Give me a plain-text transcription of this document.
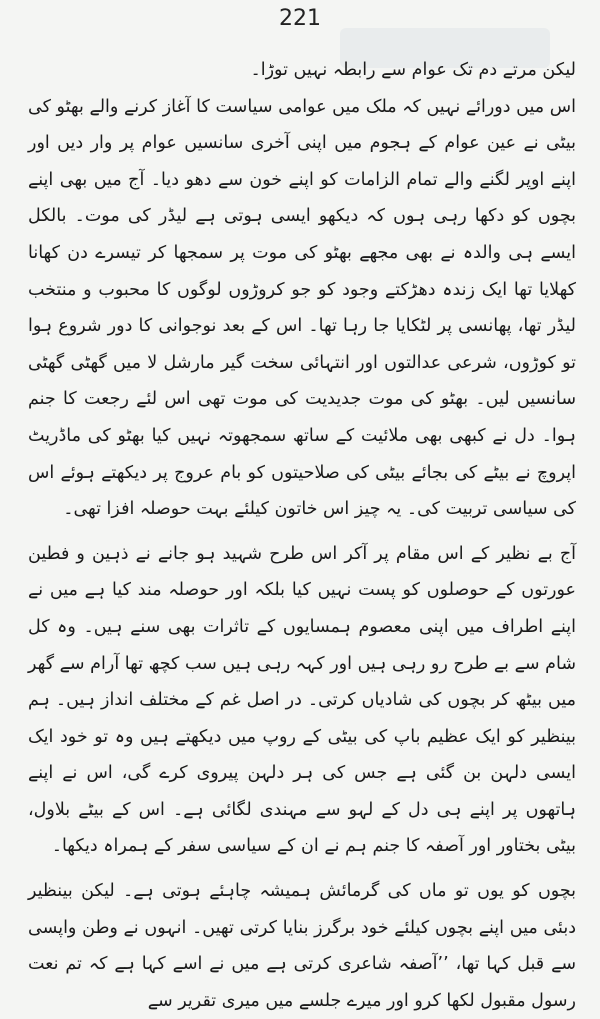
221

لیکن مرتے دم تک عوام سے رابطہ نہیں توڑا۔

اس میں دورائے نہیں کہ ملک میں عوامی سیاست کا آغاز کرنے والے بھٹو کی بیٹی نے عین عوام کے ہجوم میں اپنی آخری سانسیں عوام پر وار دیں اور اپنے اوپر لگنے والے تمام الزامات کو اپنے خون سے دھو دیا۔ آج میں بھی اپنے بچوں کو دکھا رہی ہوں کہ دیکھو ایسی ہوتی ہے لیڈر کی موت۔ بالکل ایسے ہی والدہ نے بھی مجھے بھٹو کی موت پر سمجھا کر تیسرے دن کھانا کھلایا تھا ایک زندہ دھڑکتے وجود کو جو کروڑوں لوگوں کا محبوب و منتخب لیڈر تھا، پھانسی پر لٹکایا جا رہا تھا۔ اس کے بعد نوجوانی کا دور شروع ہوا تو کوڑوں، شرعی عدالتوں اور انتہائی سخت گیر مارشل لا میں گھٹی گھٹی سانسیں لیں۔ بھٹو کی موت جدیدیت کی موت تھی اس لئے رجعت کا جنم ہوا۔ دل نے کبھی بھی ملائیت کے ساتھ سمجھوتہ نہیں کیا بھٹو کی ماڈریٹ اپروچ نے بیٹے کی بجائے بیٹی کی صلاحیتوں کو بام عروج پر دیکھتے ہوئے اس کی سیاسی تربیت کی۔ یہ چیز اس خاتون کیلئے بہت حوصلہ افزا تھی۔

آج بے نظیر کے اس مقام پر آکر اس طرح شہید ہو جانے نے ذہین و فطین عورتوں کے حوصلوں کو پست نہیں کیا بلکہ اور حوصلہ مند کیا ہے میں نے اپنے اطراف میں اپنی معصوم ہمسایوں کے تاثرات بھی سنے ہیں۔ وہ کل شام سے بے طرح رو رہی ہیں اور کہہ رہی ہیں سب کچھ تھا آرام سے گھر میں بیٹھ کر بچوں کی شادیاں کرتی۔ در اصل غم کے مختلف انداز ہیں۔ ہم بینظیر کو ایک عظیم باپ کی بیٹی کے روپ میں دیکھتے ہیں وہ تو خود ایک ایسی دلہن بن گئی ہے جس کی ہر دلہن پیروی کرے گی، اس نے اپنے ہاتھوں پر اپنے ہی دل کے لہو سے مہندی لگائی ہے۔ اس کے بیٹے بلاول، بیٹی بختاور اور آصفہ کا جنم ہم نے ان کے سیاسی سفر کے ہمراہ دیکھا۔

بچوں کو یوں تو ماں کی گرمائش ہمیشہ چاہئے ہوتی ہے۔ لیکن بینظیر دبئی میں اپنے بچوں کیلئے خود برگرز بنایا کرتی تھیں۔ انہوں نے وطن واپسی سے قبل کہا تھا، ’’آصفہ شاعری کرتی ہے میں نے اسے کہا ہے کہ تم نعت رسول مقبول لکھا کرو اور میرے جلسے میں میری تقریر سے
